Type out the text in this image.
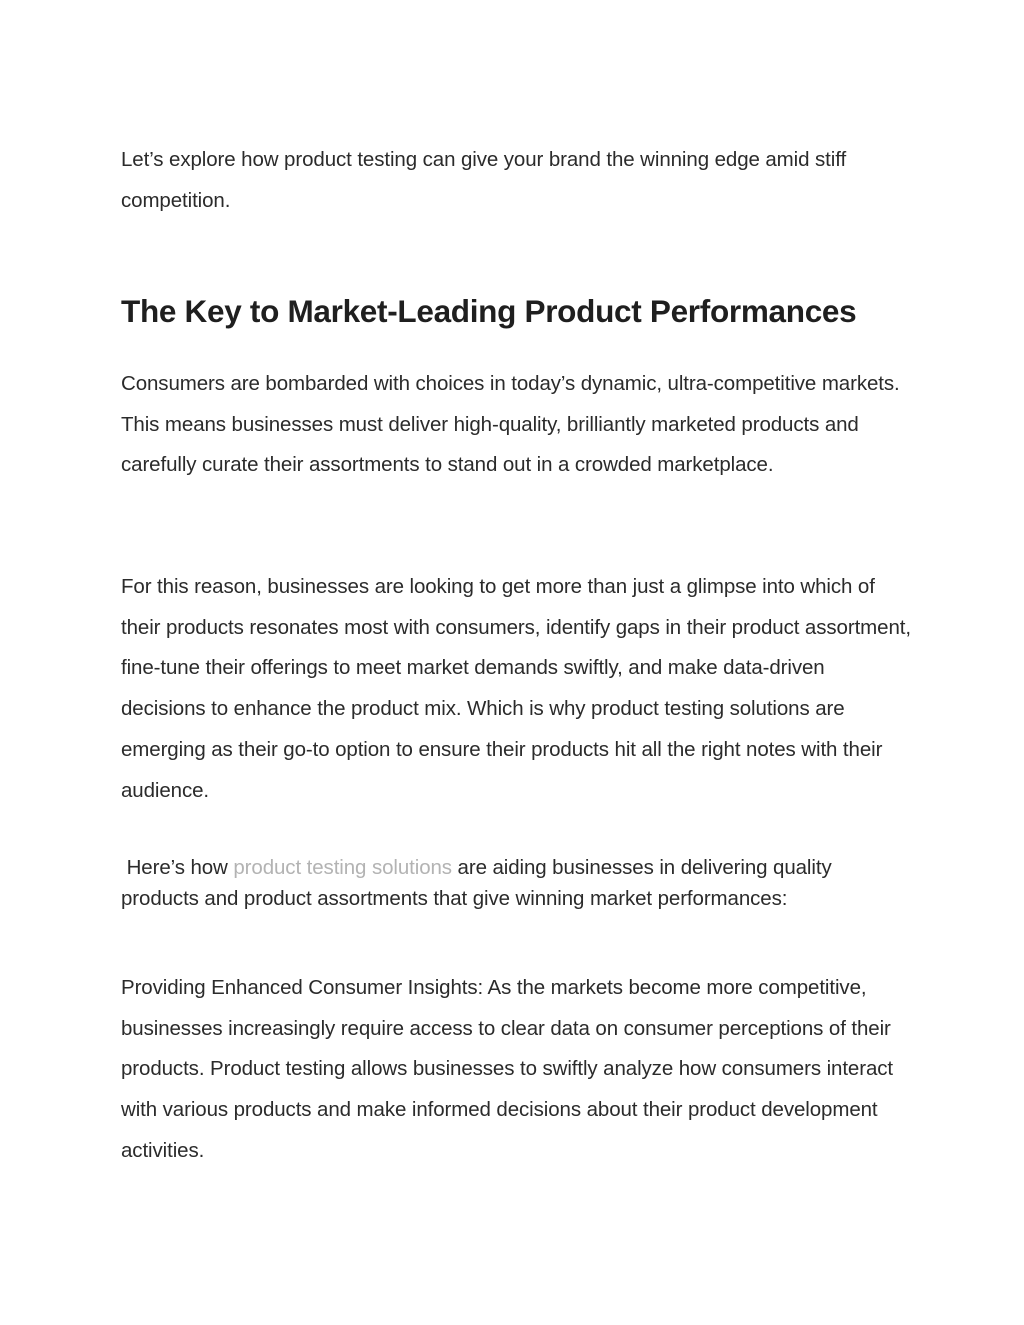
Let’s explore how product testing can give your brand the winning edge amid stiff competition.

The Key to Market-Leading Product Performances

Consumers are bombarded with choices in today’s dynamic, ultra-competitive markets. This means businesses must deliver high-quality, brilliantly marketed products and carefully curate their assortments to stand out in a crowded marketplace.

For this reason, businesses are looking to get more than just a glimpse into which of their products resonates most with consumers, identify gaps in their product assortment, fine-tune their offerings to meet market demands swiftly, and make data-driven decisions to enhance the product mix. Which is why product testing solutions are emerging as their go-to option to ensure their products hit all the right notes with their audience.

Here’s how product testing solutions are aiding businesses in delivering quality products and product assortments that give winning market performances:

Providing Enhanced Consumer Insights: As the markets become more competitive, businesses increasingly require access to clear data on consumer perceptions of their products. Product testing allows businesses to swiftly analyze how consumers interact with various products and make informed decisions about their product development activities.
